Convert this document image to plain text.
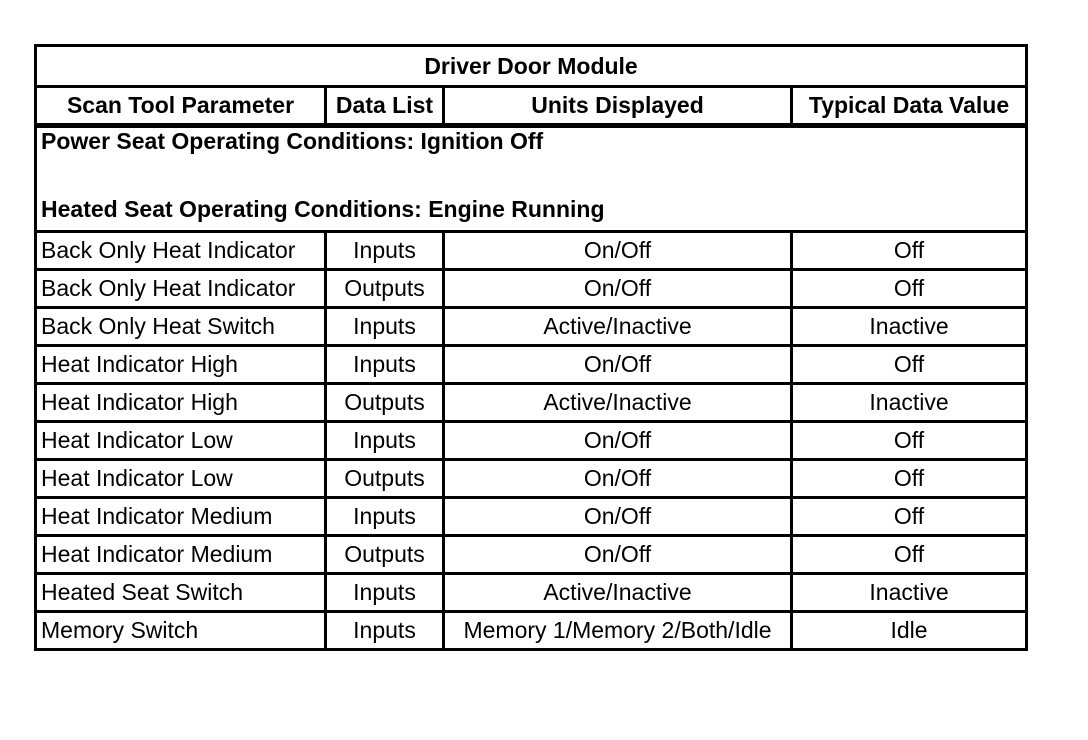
Driver Door Module			
Scan Tool Parameter	Data List	Units Displayed	Typical Data Value

Power Seat Operating Conditions: Ignition Off
Heated Seat Operating Conditions: Engine Running			

Back Only Heat Indicator	Inputs	On/Off	Off
Back Only Heat Indicator	Outputs	On/Off	Off
Back Only Heat Switch	Inputs	Active/Inactive	Inactive
Heat Indicator High	Inputs	On/Off	Off
Heat Indicator High	Outputs	Active/Inactive	Inactive
Heat Indicator Low	Inputs	On/Off	Off
Heat Indicator Low	Outputs	On/Off	Off
Heat Indicator Medium	Inputs	On/Off	Off
Heat Indicator Medium	Outputs	On/Off	Off
Heated Seat Switch	Inputs	Active/Inactive	Inactive
Memory Switch	Inputs	Memory 1/Memory 2/Both/Idle	Idle
